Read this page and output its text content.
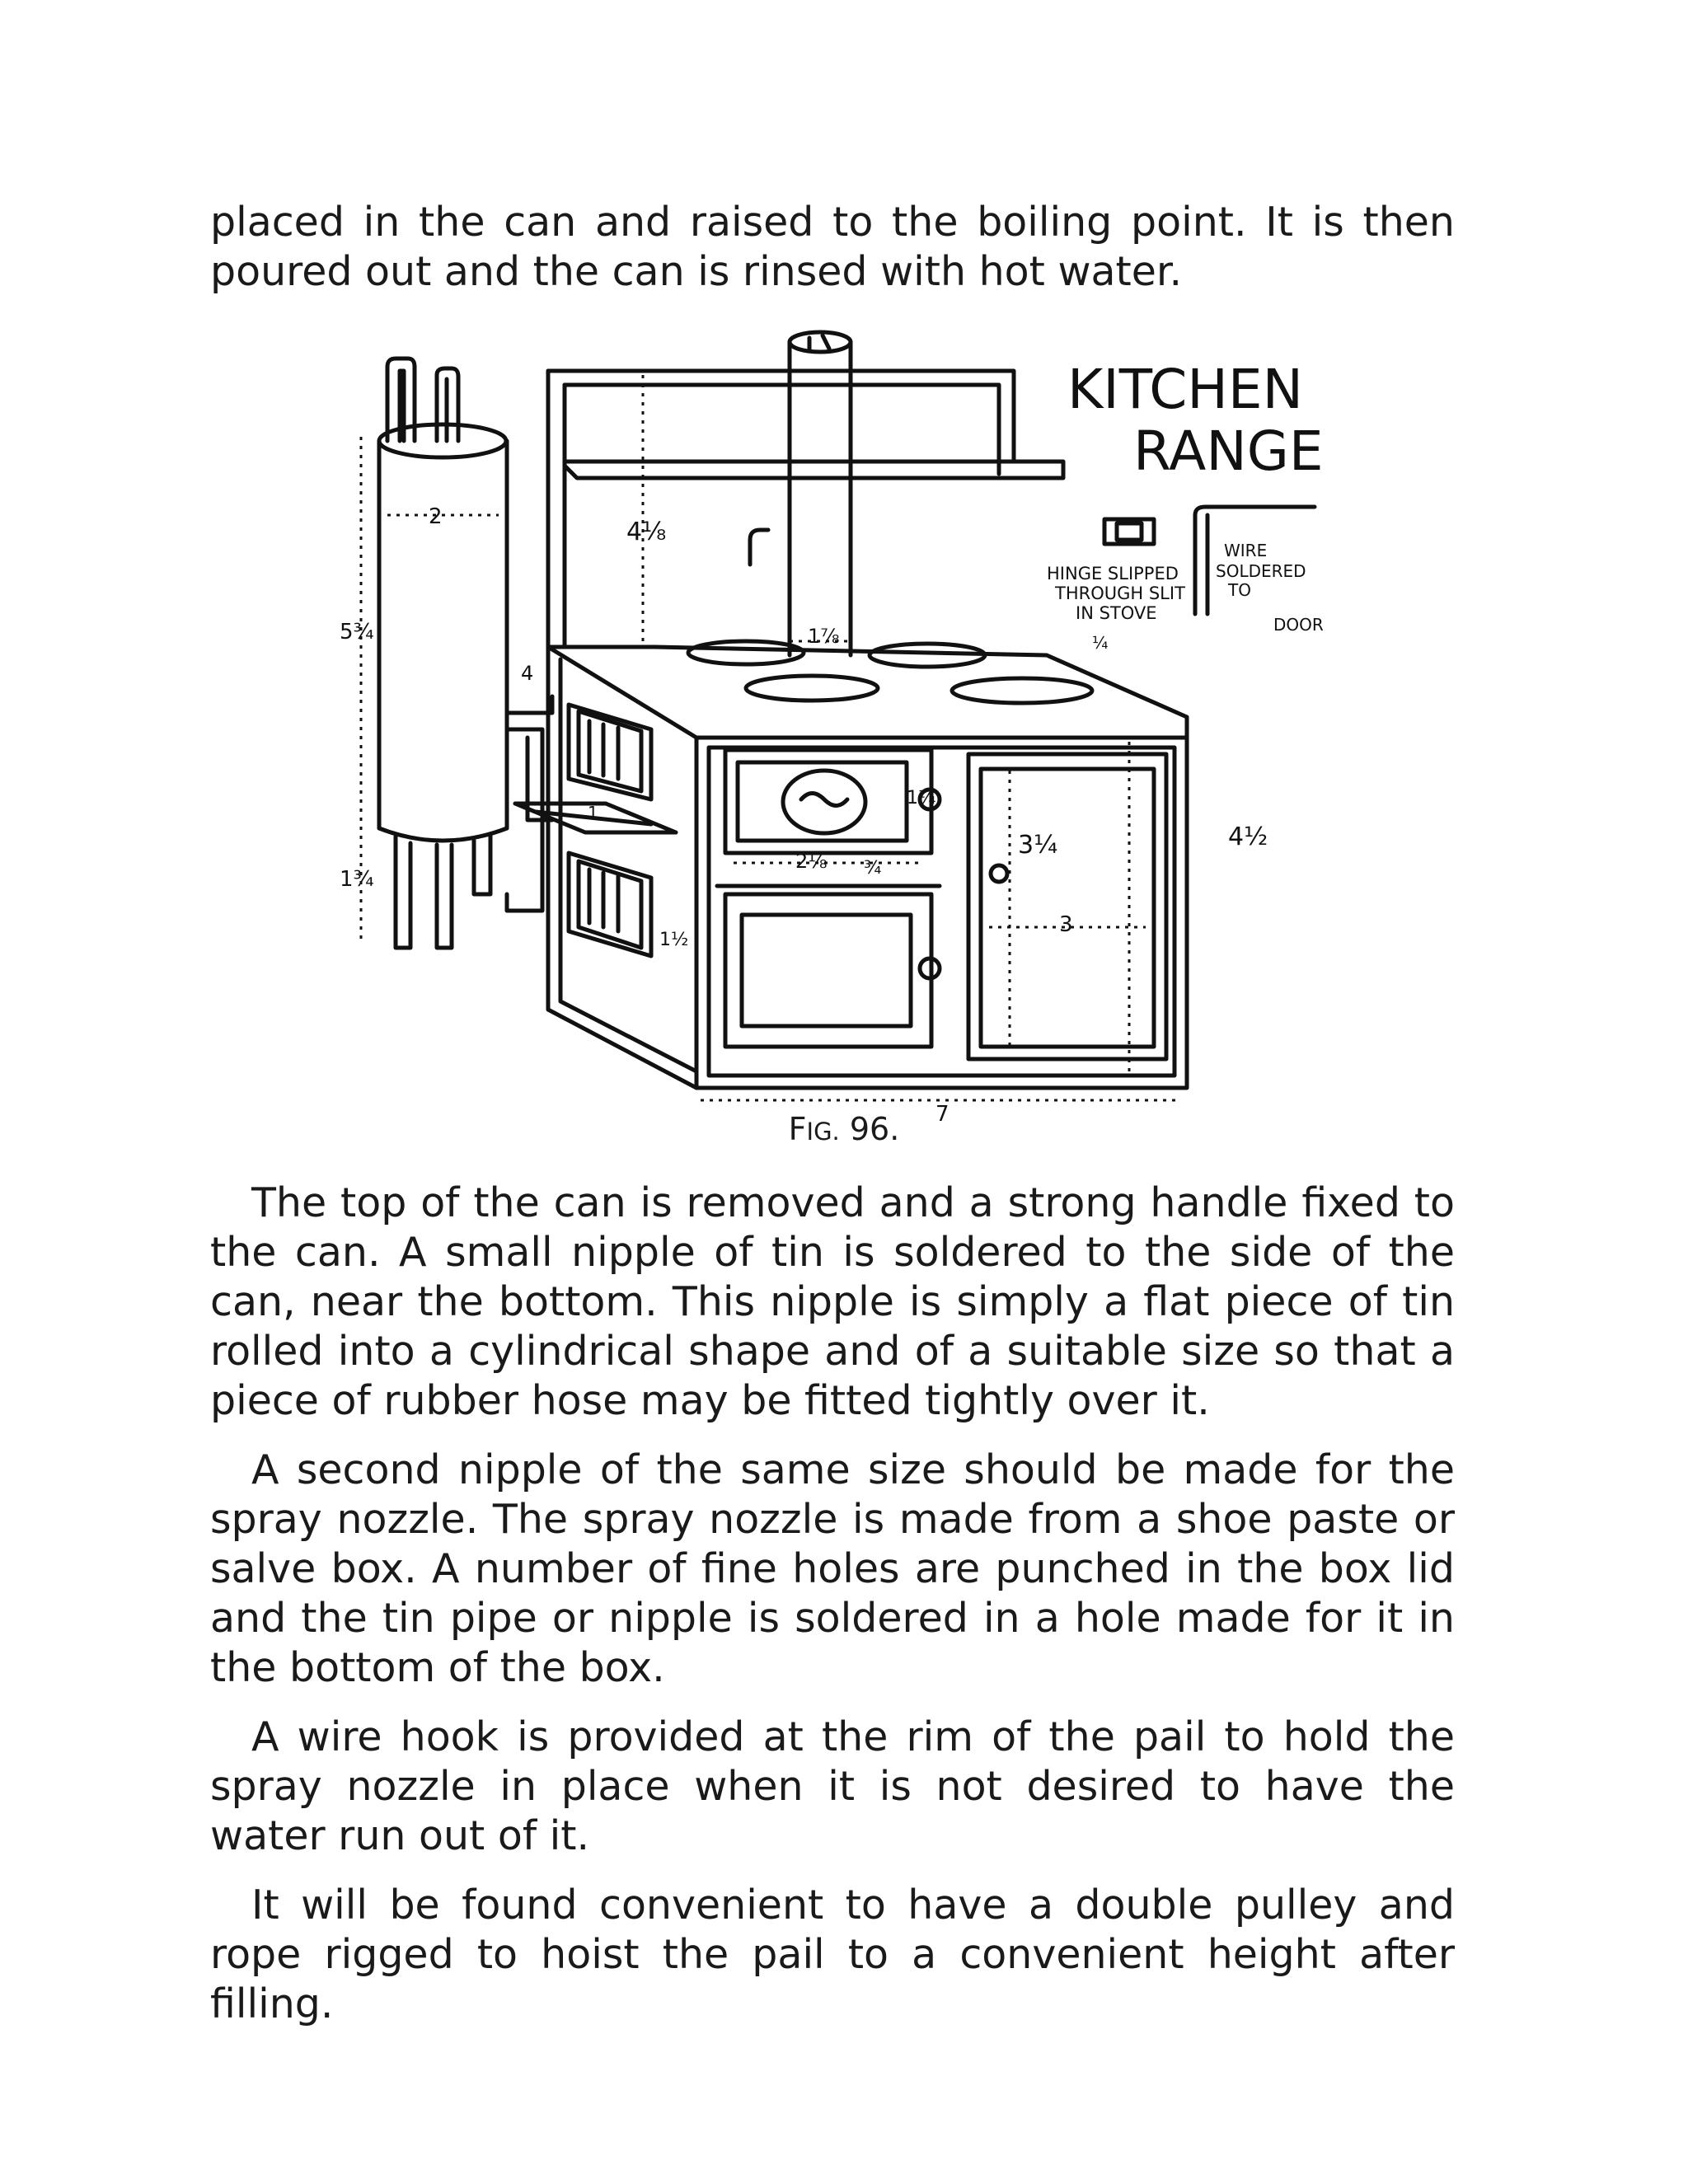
placed in the can and raised to the boiling point. It is then poured out and the can is rinsed with hot water.

KITCHEN
RANGE
HINGE SLIPPED
THROUGH SLIT
IN STOVE
WIRE
SOLDERED
TO
DOOR
2
5¾
1¾
4⅛
1⅞
4½
3¼
3
7
2⅛
4
1¼
¾
1½
¼
1
FIG. 96.

The top of the can is removed and a strong handle fixed to the can. A small nipple of tin is soldered to the side of the can, near the bottom. This nipple is simply a flat piece of tin rolled into a cylindrical shape and of a suitable size so that a piece of rubber hose may be fitted tightly over it.

A second nipple of the same size should be made for the spray nozzle. The spray nozzle is made from a shoe paste or salve box. A number of fine holes are punched in the box lid and the tin pipe or nipple is soldered in a hole made for it in the bottom of the box.

A wire hook is provided at the rim of the pail to hold the spray nozzle in place when it is not desired to have the water run out of it.

It will be found convenient to have a double pulley and rope rigged to hoist the pail to a convenient height after filling.
